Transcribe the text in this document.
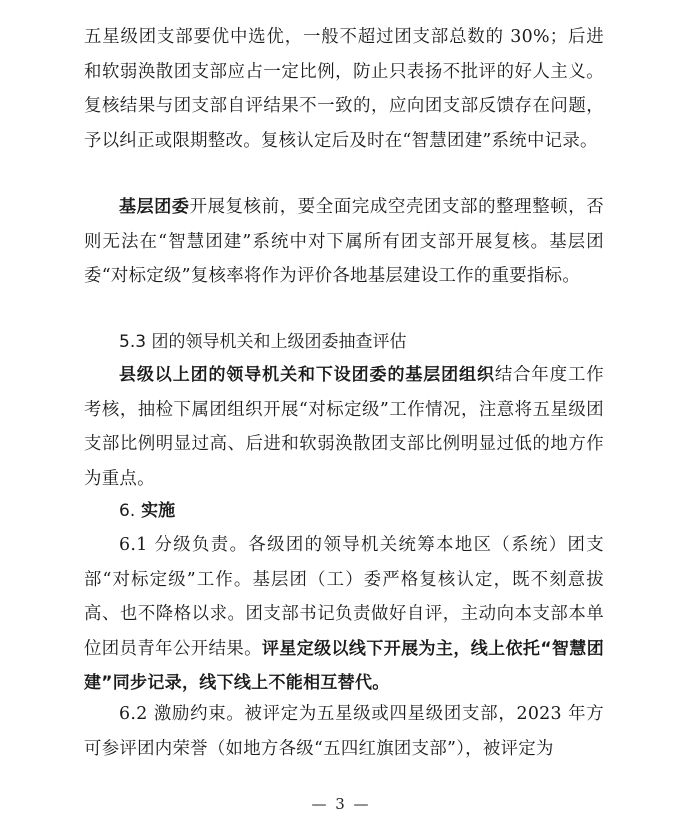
五星级团支部要优中选优，一般不超过团支部总数的 30%；后进和软弱涣散团支部应占一定比例，防止只表扬不批评的好人主义。复核结果与团支部自评结果不一致的，应向团支部反馈存在问题，予以纠正或限期整改。复核认定后及时在“智慧团建”系统中记录。

基层团委开展复核前，要全面完成空壳团支部的整理整顿，否则无法在“智慧团建”系统中对下属所有团支部开展复核。基层团委“对标定级”复核率将作为评价各地基层建设工作的重要指标。

5.3 团的领导机关和上级团委抽查评估

县级以上团的领导机关和下设团委的基层团组织结合年度工作考核，抽检下属团组织开展“对标定级”工作情况，注意将五星级团支部比例明显过高、后进和软弱涣散团支部比例明显过低的地方作为重点。

6. 实施

6.1 分级负责。各级团的领导机关统筹本地区（系统）团支部“对标定级”工作。基层团（工）委严格复核认定，既不刻意拔高、也不降格以求。团支部书记负责做好自评，主动向本支部本单位团员青年公开结果。评星定级以线下开展为主，线上依托“智慧团建”同步记录，线下线上不能相互替代。

6.2 激励约束。被评定为五星级或四星级团支部，2023 年方可参评团内荣誉（如地方各级“五四红旗团支部”），被评定为

— 3 —
